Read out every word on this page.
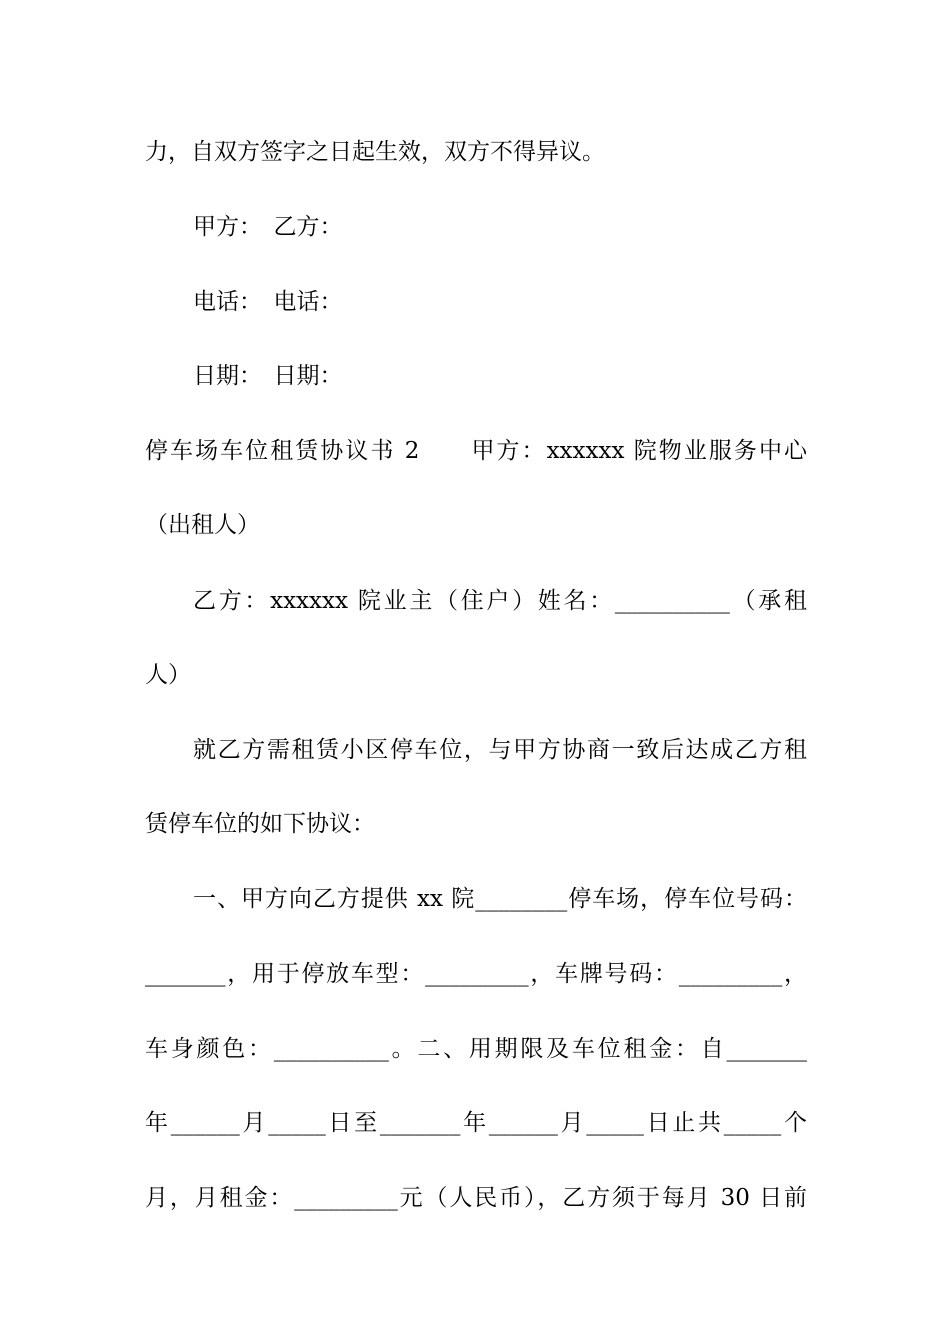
力，自双方签字之日起生效，双方不得异议。
甲方：　乙方：
电话：　电话：
日期：　日期：
停车场车位租赁协议书 2　　甲方：xxxxxx 院物业服务中心
（出租人）
乙方：xxxxxx 院业主（住户）姓名：__________（承租
人）
就乙方需租赁小区停车位，与甲方协商一致后达成乙方租
赁停车位的如下协议：
一、甲方向乙方提供 xx 院________停车场，停车位号码：
_______，用于停放车型：_________，车牌号码：_________，
车身颜色：__________。二、用期限及车位租金：自_______
年______月_____日至_______年______月_____日止共_____个
月，月租金：_________元（人民币），乙方须于每月 30 日前
